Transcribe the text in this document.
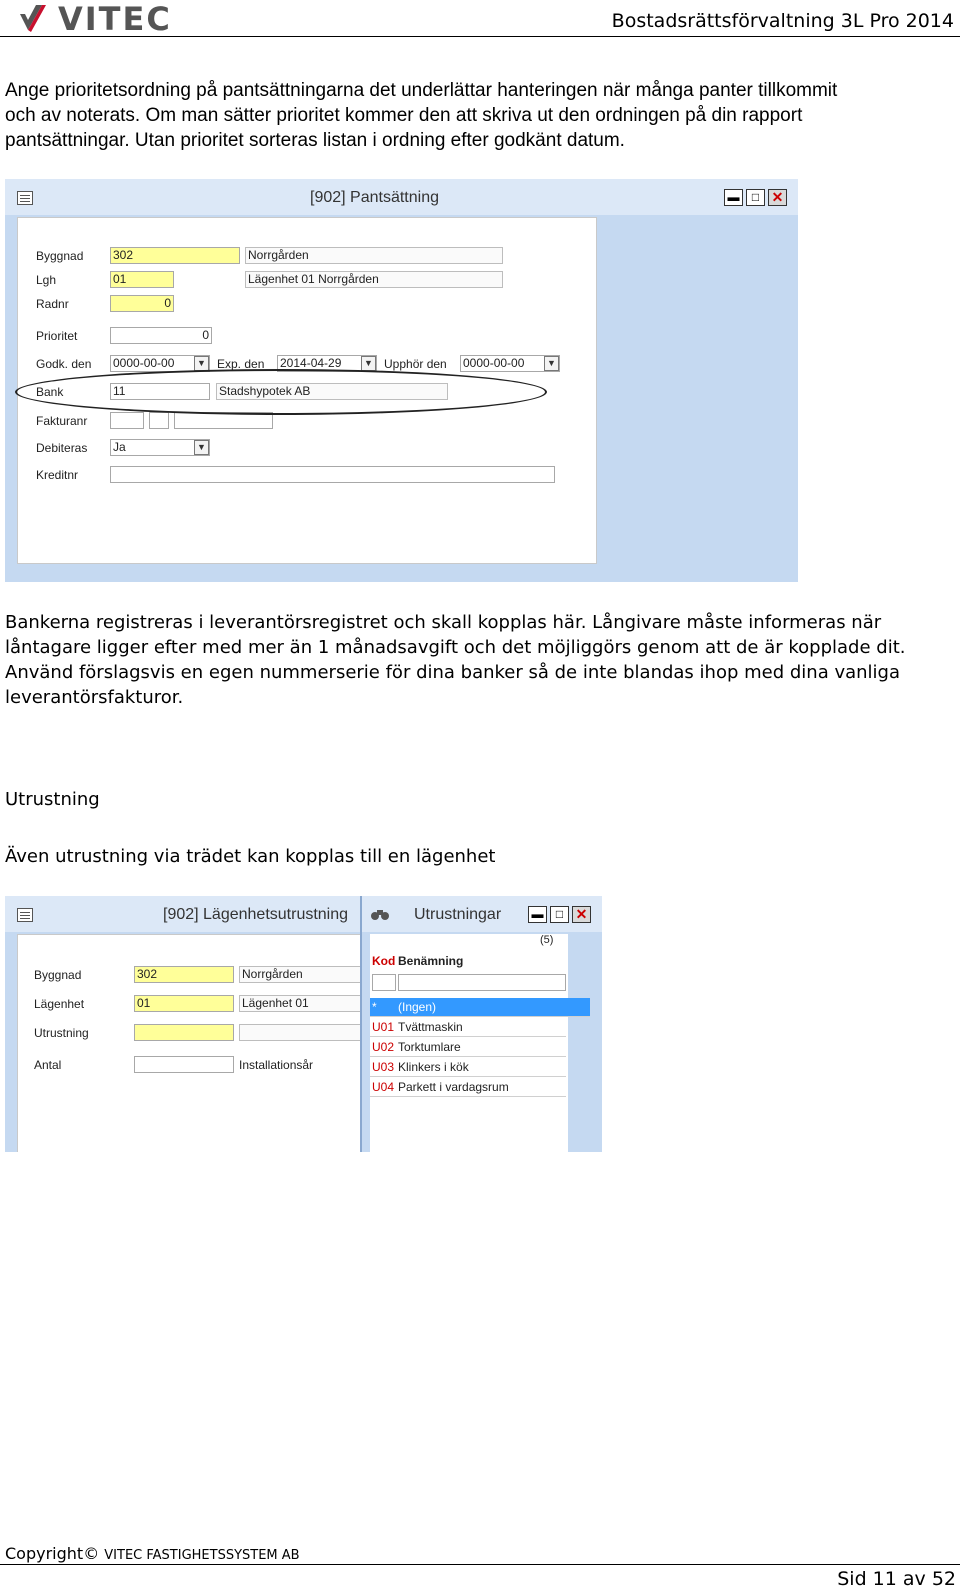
VITEC	Bostadsrättsförvaltning 3L Pro 2014
Ange prioritetsordning på pantsättningarna det underlättar hanteringen när många panter tillkommit
och av noterats. Om man sätter prioritet kommer den att skriva ut den ordningen på din rapport
pantsättningar. Utan prioritet sorteras listan i ordning efter godkänt datum.
[902] Pantsättning	▬	□ ✕
Byggnad 302	Norrgården
Lgh	01	Lägenhet 01 Norrgården
Radnr	0
Prioritet	0
Godk. den 0000-00-00	▼ Exp. den 2014-04-29	▼ Upphör den 0000-00-00	▼
Bank	11	Stadshypotek AB
Fakturanr
Debiteras Ja	▼
Kreditnr
Bankerna registreras i leverantörsregistret och skall kopplas här. Långivare måste informeras när
låntagare ligger efter med mer än 1 månadsavgift och det möjliggörs genom att de är kopplade dit.
Använd förslagsvis en egen nummerserie för dina banker så de inte blandas ihop med dina vanliga
leverantörsfakturor.
Utrustning
Även utrustning via trädet kan kopplas till en lägenhet
[902] Lägenhetsutrustning
Byggnad	302	Norrgården
Lägenhet	01	Lägenhet 01
Utrustning
Antal	Installationsår
Utrustningar	▬	□ ✕
(5)
Kod Benämning
*	(Ingen)
U01 Tvättmaskin
U02 Torktumlare
U03 Klinkers i kök
U04 Parkett i vardagsrum
Copyright© VITEC FASTIGHETSSYSTEM AB
Sid 11 av 52
